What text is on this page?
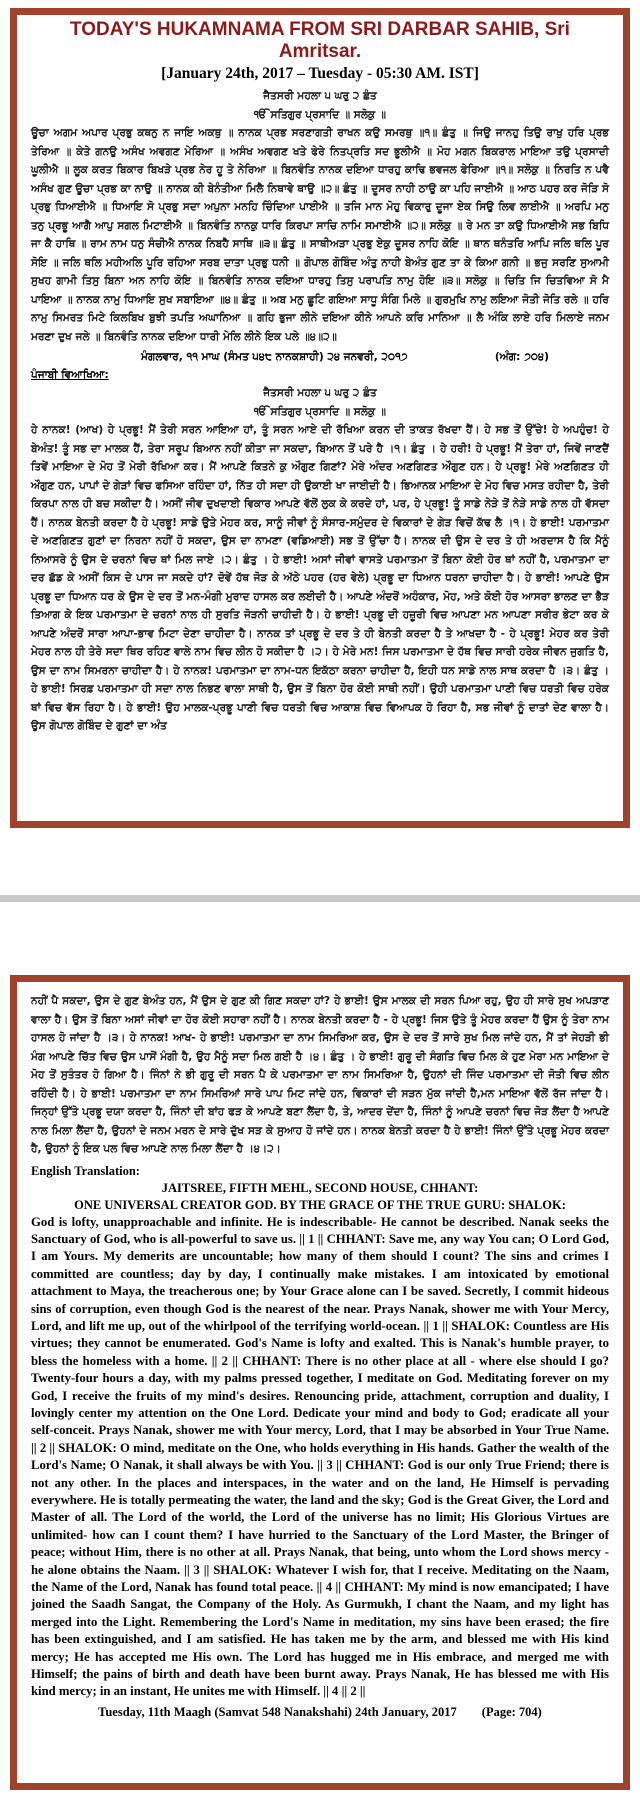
TODAY'S HUKAMNAMA FROM SRI DARBAR SAHIB, Sri Amritsar.
[January 24th, 2017 – Tuesday - 05:30 AM. IST]

ਜੈਤਸਰੀ ਮਹਲਾ ੫ ਘਰੁ ੨ ਛੰਤ

ੴ ਸਤਿਗੁਰ ਪ੍ਰਸਾਦਿ ॥ ਸਲੋਕੁ ॥

ਊਚਾ ਅਗਮ ਅਪਾਰ ਪ੍ਰਭੁ ਕਥਨੁ ਨ ਜਾਇ ਅਕਥੁ ॥ ਨਾਨਕ ਪ੍ਰਭ ਸਰਣਾਗਤੀ ਰਾਖਨ ਕਉ ਸਮਰਥੁ ॥੧॥ ਛੰਤੁ ॥ ਜਿਉ ਜਾਨਹੁ ਤਿਉ ਰਾਖੁ ਹਰਿ ਪ੍ਰਭ ਤੇਰਿਆ ॥ ਕੇਤੇ ਗਨਉ ਅਸੰਖ ਅਵਗਣ ਮੇਰਿਆ ॥ ਅਸੰਖ ਅਵਗਣ ਖਤੇ ਫੇਰੇ ਨਿਤਪ੍ਰਤਿ ਸਦ ਭੂਲੀਐ ॥ ਮੋਹ ਮਗਨ ਬਿਕਰਾਲ ਮਾਇਆ ਤਉ ਪ੍ਰਸਾਦੀ ਘੂਲੀਐ ॥ ਲੂਕ ਕਰਤ ਬਿਕਾਰ ਬਿਖੜੇ ਪ੍ਰਭ ਨੇਰ ਹੂ ਤੇ ਨੇਰਿਆ ॥ ਬਿਨਵੰਤਿ ਨਾਨਕ ਦਇਆ ਧਾਰਹੁ ਕਾਢਿ ਭਵਜਲ ਫੇਰਿਆ ॥੧॥ ਸਲੋਕੁ ॥ ਨਿਰਤਿ ਨ ਪਵੈ ਅਸੰਖ ਗੁਣ ਊਚਾ ਪ੍ਰਭ ਕਾ ਨਾਉ ॥ ਨਾਨਕ ਕੀ ਬੇਨੰਤੀਆ ਮਿਲੈ ਨਿਥਾਵੇ ਥਾਉ ॥੨॥ ਛੰਤੁ ॥ ਦੂਸਰ ਨਾਹੀ ਠਾਉ ਕਾ ਪਹਿ ਜਾਈਐ ॥ ਆਠ ਪਹਰ ਕਰ ਜੋੜਿ ਸੋ ਪ੍ਰਭੁ ਧਿਆਈਐ ॥ ਧਿਆਇ ਸੋ ਪ੍ਰਭੁ ਸਦਾ ਅਪੁਨਾ ਮਨਹਿ ਚਿੰਦਿਆ ਪਾਈਐ ॥ ਤਜਿ ਮਾਨ ਮੋਹੁ ਵਿਕਾਰੁ ਦੂਜਾ ਏਕ ਸਿਉ ਲਿਵ ਲਾਈਐ ॥ ਅਰਪਿ ਮਨੁ ਤਨੁ ਪ੍ਰਭੂ ਆਗੈ ਆਪੁ ਸਗਲ ਮਿਟਾਈਐ ॥ ਬਿਨਵੰਤਿ ਨਾਨਕੁ ਧਾਰਿ ਕਿਰਪਾ ਸਾਚਿ ਨਾਮਿ ਸਮਾਈਐ ॥੨॥ ਸਲੋਕੁ ॥ ਰੇ ਮਨ ਤਾ ਕਉ ਧਿਆਈਐ ਸਭ ਬਿਧਿ ਜਾ ਕੈ ਹਾਥਿ ॥ ਰਾਮ ਨਾਮ ਧਨੁ ਸੰਚੀਐ ਨਾਨਕ ਨਿਬਹੈ ਸਾਥਿ ॥੩॥ ਛੰਤੁ ॥ ਸਾਥੀਅੜਾ ਪ੍ਰਭੁ ਏਕੁ ਦੂਸਰ ਨਾਹਿ ਕੋਇ ॥ ਥਾਨ ਥਨੰਤਰਿ ਆਪਿ ਜਲਿ ਥਲਿ ਪੂਰ ਸੋਇ ॥ ਜਲਿ ਥਲਿ ਮਹੀਅਲਿ ਪੂਰਿ ਰਹਿਆ ਸਰਬ ਦਾਤਾ ਪ੍ਰਭੁ ਧਨੀ ॥ ਗੋਪਾਲ ਗੋਬਿੰਦ ਅੰਤੁ ਨਾਹੀ ਬੇਅੰਤ ਗੁਣ ਤਾ ਕੇ ਕਿਆ ਗਨੀ ॥ ਭਜੁ ਸਰਣਿ ਸੁਆਮੀ ਸੁਖਹ ਗਾਮੀ ਤਿਸੁ ਬਿਨਾ ਅਨ ਨਾਹਿ ਕੋਇ ॥ ਬਿਨਵੰਤਿ ਨਾਨਕ ਦਇਆ ਧਾਰਹੁ ਤਿਸੁ ਪਰਾਪਤਿ ਨਾਮੁ ਹੋਇ ॥੩॥ ਸਲੋਕੁ ॥ ਚਿਤਿ ਜਿ ਚਿਤਵਿਆ ਸੋ ਮੈ ਪਾਇਆ ॥ ਨਾਨਕ ਨਾਮੁ ਧਿਆਇ ਸੁਖ ਸਬਾਇਆ ॥੪॥ ਛੰਤੁ ॥ ਅਬ ਮਨੁ ਛੂਟਿ ਗਇਆ ਸਾਧੂ ਸੰਗਿ ਮਿਲੇ ॥ ਗੁਰਮੁਖਿ ਨਾਮੁ ਲਇਆ ਜੋਤੀ ਜੋਤਿ ਰਲੇ ॥ ਹਰਿ ਨਾਮੁ ਸਿਮਰਤ ਮਿਟੇ ਕਿਲਬਿਖ ਬੁਝੀ ਤਪਤਿ ਅਘਾਨਿਆ ॥ ਗਹਿ ਭੁਜਾ ਲੀਨੇ ਦਇਆ ਕੀਨੇ ਆਪਨੇ ਕਰਿ ਮਾਨਿਆ ॥ ਲੈ ਅੰਕਿ ਲਾਏ ਹਰਿ ਮਿਲਾਏ ਜਨਮ ਮਰਣਾ ਦੁਖ ਜਲੇ ॥ ਬਿਨਵੰਤਿ ਨਾਨਕ ਦਇਆ ਧਾਰੀ ਮੇਲਿ ਲੀਨੇ ਇਕ ਪਲੇ ॥੪॥੨॥

ਮੰਗਲਵਾਰ, ੧੧ ਮਾਘ (ਸੰਮਤ ੫੪੮ ਨਾਨਕਸ਼ਾਹੀ) ੨੪ ਜਨਵਰੀ, ੨੦੧੭	(ਅੰਗ: ੭੦੪)

ਪੰਜਾਬੀ ਵਿਆਖਿਆ:

ਜੈਤਸਰੀ ਮਹਲਾ ੫ ਘਰੁ ੨ ਛੰਤ

ੴ ਸਤਿਗੁਰ ਪ੍ਰਸਾਦਿ ॥ ਸਲੋਕੁ ॥

ਹੇ ਨਾਨਕ! (ਆਖ) ਹੇ ਪ੍ਰਭੂ! ਮੈਂ ਤੇਰੀ ਸਰਨ ਆਇਆ ਹਾਂ, ਤੂੰ ਸਰਨ ਆਏ ਦੀ ਰੱਖਿਆ ਕਰਨ ਦੀ ਤਾਕਤ ਰੱਖਦਾ ਹੈਂ। ਹੇ ਸਭ ਤੋਂ ਉੱਚੇ! ਹੇ ਅਪਹੁੰਚ! ਹੇ ਬੇਅੰਤ! ਤੂੰ ਸਭ ਦਾ ਮਾਲਕ ਹੈਂ, ਤੇਰਾ ਸਰੂਪ ਬਿਆਨ ਨਹੀਂ ਕੀਤਾ ਜਾ ਸਕਦਾ, ਬਿਆਨ ਤੋਂ ਪਰੇ ਹੈ ।੧। ਛੰਤੁ । ਹੇ ਹਰੀ! ਹੇ ਪ੍ਰਭੂ! ਮੈਂ ਤੇਰਾ ਹਾਂ, ਜਿਵੇਂ ਜਾਣਦੈਂ ਤਿਵੇਂ ਮਾਇਆ ਦੇ ਮੋਹ ਤੋਂ ਮੇਰੀ ਰੱਖਿਆ ਕਰ। ਮੈਂ ਆਪਣੇ ਕਿਤਨੇ ਕੁ ਔਗੁਣ ਗਿਣਾਂ? ਮੇਰੇ ਅੰਦਰ ਅਣਗਿਣਤ ਔਗੁਣ ਹਨ। ਹੇ ਪ੍ਰਭੂ! ਮੇਰੇ ਅਣਗਿਣਤ ਹੀ ਔਗੁਣ ਹਨ, ਪਾਪਾਂ ਦੇ ਗੇੜਾਂ ਵਿਚ ਫਸਿਆ ਰਹਿੰਦਾ ਹਾਂ, ਨਿੱਤ ਹੀ ਸਦਾ ਹੀ ਉਕਾਈ ਖਾ ਜਾਈਦੀ ਹੈ। ਭਿਆਨਕ ਮਾਇਆ ਦੇ ਮੋਹ ਵਿਚ ਮਸਤ ਰਹੀਦਾ ਹੈ, ਤੇਰੀ ਕਿਰਪਾ ਨਾਲ ਹੀ ਬਚ ਸਕੀਦਾ ਹੈ। ਅਸੀਂ ਜੀਵ ਦੁਖਦਾਈ ਵਿਕਾਰ ਆਪਣੇ ਵੱਲੋਂ ਲੁਕ ਕੇ ਕਰਦੇ ਹਾਂ, ਪਰ, ਹੇ ਪ੍ਰਭੂ! ਤੂੰ ਸਾਡੇ ਨੇੜੇ ਤੋਂ ਨੇੜੇ ਸਾਡੇ ਨਾਲ ਹੀ ਵੱਸਦਾ ਹੈਂ। ਨਾਨਕ ਬੇਨਤੀ ਕਰਦਾ ਹੈ ਹੇ ਪ੍ਰਭੂ! ਸਾਡੇ ਉਤੇ ਮੇਹਰ ਕਰ, ਸਾਨੂੰ ਜੀਵਾਂ ਨੂੰ ਸੰਸਾਰ-ਸਮੁੰਦਰ ਦੇ ਵਿਕਾਰਾਂ ਦੇ ਗੇੜ ਵਿਚੋਂ ਕੱਢ ਲੈ ।੧। ਹੇ ਭਾਈ! ਪਰਮਾਤਮਾ ਦੇ ਅਣਗਿਣਤ ਗੁਣਾਂ ਦਾ ਨਿਰਨਾ ਨਹੀਂ ਹੋ ਸਕਦਾ, ਉਸ ਦਾ ਨਾਮਣਾ (ਵਡਿਆਈ) ਸਭ ਤੋਂ ਉੱਚਾ ਹੈ। ਨਾਨਕ ਦੀ ਉਸ ਦੇ ਦਰ ਤੇ ਹੀ ਅਰਦਾਸ ਹੈ ਕਿ ਮੈਨੂੰ ਨਿਆਸਰੇ ਨੂੰ ਉਸ ਦੇ ਚਰਨਾਂ ਵਿਚ ਥਾਂ ਮਿਲ ਜਾਏ ।੨। ਛੰਤੁ । ਹੇ ਭਾਈ! ਅਸਾਂ ਜੀਵਾਂ ਵਾਸਤੇ ਪਰਮਾਤਮਾ ਤੋਂ ਬਿਨਾ ਕੋਈ ਹੋਰ ਥਾਂ ਨਹੀਂ ਹੈ, ਪਰਮਾਤਮਾ ਦਾ ਦਰ ਛੱਡ ਕੇ ਅਸੀਂ ਕਿਸ ਦੇ ਪਾਸ ਜਾ ਸਕਦੇ ਹਾਂ? ਦੋਵੇਂ ਹੱਥ ਜੋੜ ਕੇ ਅੱਠੇ ਪਹਰ (ਹਰ ਵੇਲੇ) ਪ੍ਰਭੂ ਦਾ ਧਿਆਨ ਧਰਨਾ ਚਾਹੀਦਾ ਹੈ। ਹੇ ਭਾਈ! ਆਪਣੇ ਉਸ ਪ੍ਰਭੂ ਦਾ ਧਿਆਨ ਧਰ ਕੇ ਉਸ ਦੇ ਦਰ ਤੋਂ ਮਨ-ਮੰਗੀ ਮੁਰਾਦ ਹਾਸਲ ਕਰ ਲਈਦੀ ਹੈ। ਆਪਣੇ ਅੰਦਰੋਂ ਅਹੰਕਾਰ, ਮੋਹ, ਅਤੇ ਕੋਈ ਹੋਰ ਆਸਰਾ ਭਾਲਣ ਦਾ ਭੈੜ ਤਿਆਗ ਕੇ ਇਕ ਪਰਮਾਤਮਾ ਦੇ ਚਰਨਾਂ ਨਾਲ ਹੀ ਸੁਰਤਿ ਜੋੜਨੀ ਚਾਹੀਦੀ ਹੈ। ਹੇ ਭਾਈ! ਪ੍ਰਭੂ ਦੀ ਹਜ਼ੂਰੀ ਵਿਚ ਆਪਣਾ ਮਨ ਆਪਣਾ ਸਰੀਰ ਭੇਟਾ ਕਰ ਕੇ ਆਪਣੇ ਅੰਦਰੋਂ ਸਾਰਾ ਆਪਾ-ਭਾਵ ਮਿਟਾ ਦੇਣਾ ਚਾਹੀਦਾ ਹੈ। ਨਾਨਕ ਤਾਂ ਪ੍ਰਭੂ ਦੇ ਦਰ ਤੇ ਹੀ ਬੇਨਤੀ ਕਰਦਾ ਹੈ ਤੇ ਆਖਦਾ ਹੈ - ਹੇ ਪ੍ਰਭੂ! ਮੇਹਰ ਕਰ ਤੇਰੀ ਮੇਹਰ ਨਾਲ ਹੀ ਤੇਰੇ ਸਦਾ ਥਿਰ ਰਹਿਣ ਵਾਲੇ ਨਾਮ ਵਿਚ ਲੀਨ ਹੋ ਸਕੀਦਾ ਹੈ ।੨। ਹੇ ਮੇਰੇ ਮਨ! ਜਿਸ ਪਰਮਾਤਮਾ ਦੇ ਹੱਥ ਵਿਚ ਸਾਰੀ ਹਰੇਕ ਜੀਵਨ ਜੁਗਤਿ ਹੈ, ਉਸ ਦਾ ਨਾਮ ਸਿਮਰਨਾ ਚਾਹੀਦਾ ਹੈ। ਹੇ ਨਾਨਕ! ਪਰਮਾਤਮਾ ਦਾ ਨਾਮ-ਧਨ ਇਕੱਠਾ ਕਰਨਾ ਚਾਹੀਦਾ ਹੈ, ਇਹੀ ਧਨ ਸਾਡੇ ਨਾਲ ਸਾਥ ਕਰਦਾ ਹੈ ।੩। ਛੰਤੁ । ਹੇ ਭਾਈ! ਸਿਰਫ਼ ਪਰਮਾਤਮਾ ਹੀ ਸਦਾ ਨਾਲ ਨਿਭਣ ਵਾਲਾ ਸਾਥੀ ਹੈ, ਉਸ ਤੋਂ ਬਿਨਾ ਹੋਰ ਕੋਈ ਸਾਥੀ ਨਹੀਂ। ਉਹੀ ਪਰਮਾਤਮਾ ਪਾਣੀ ਵਿਚ ਧਰਤੀ ਵਿਚ ਹਰੇਕ ਥਾਂ ਵਿਚ ਵੱਸ ਰਿਹਾ ਹੈ। ਹੇ ਭਾਈ! ਉਹ ਮਾਲਕ-ਪ੍ਰਭੂ ਪਾਣੀ ਵਿਚ ਧਰਤੀ ਵਿਚ ਆਕਾਸ਼ ਵਿਚ ਵਿਆਪਕ ਹੋ ਰਿਹਾ ਹੈ, ਸਭ ਜੀਵਾਂ ਨੂੰ ਦਾਤਾਂ ਦੇਣ ਵਾਲਾ ਹੈ। ਉਸ ਗੋਪਾਲ ਗੋਬਿੰਦ ਦੇ ਗੁਣਾਂ ਦਾ ਅੰਤ

ਨਹੀਂ ਪੈ ਸਕਦਾ, ਉਸ ਦੇ ਗੁਣ ਬੇਅੰਤ ਹਨ, ਮੈਂ ਉਸ ਦੇ ਗੁਣ ਕੀ ਗਿਣ ਸਕਦਾ ਹਾਂ? ਹੇ ਭਾਈ! ਉਸ ਮਾਲਕ ਦੀ ਸਰਨ ਪਿਆ ਰਹੁ, ਉਹ ਹੀ ਸਾਰੇ ਸੁਖ ਅਪੜਾਣ ਵਾਲਾ ਹੈ। ਉਸ ਤੋਂ ਬਿਨਾ ਅਸਾਂ ਜੀਵਾਂ ਦਾ ਹੋਰ ਕੋਈ ਸਹਾਰਾ ਨਹੀਂ ਹੈ। ਨਾਨਕ ਬੇਨਤੀ ਕਰਦਾ ਹੈ - ਹੇ ਪ੍ਰਭੂ! ਜਿਸ ਉਤੇ ਤੂੰ ਮੇਹਰ ਕਰਦਾ ਹੈਂ ਉਸ ਨੂੰ ਤੇਰਾ ਨਾਮ ਹਾਸਲ ਹੋ ਜਾਂਦਾ ਹੈ ।੩। ਹੇ ਨਾਨਕ! ਆਖ- ਹੇ ਭਾਈ! ਪਰਮਾਤਮਾ ਦਾ ਨਾਮ ਸਿਮਰਿਆ ਕਰ, ਉਸ ਦੇ ਦਰ ਤੋਂ ਸਾਰੇ ਸੁਖ ਮਿਲ ਜਾਂਦੇ ਹਨ, ਮੈਂ ਤਾਂ ਜੇਹੜੀ ਭੀ ਮੰਗ ਆਪਣੇ ਚਿੱਤ ਵਿਚ ਉਸ ਪਾਸੋਂ ਮੰਗੀ ਹੈ, ਉਹ ਮੈਨੂੰ ਸਦਾ ਮਿਲ ਗਈ ਹੈ ।੪। ਛੰਤੁ । ਹੇ ਭਾਈ! ਗੁਰੂ ਦੀ ਸੰਗਤਿ ਵਿਚ ਮਿਲ ਕੇ ਹੁਣ ਮੇਰਾ ਮਨ ਮਾਇਆ ਦੇ ਮੋਹ ਤੋਂ ਸੁਤੰਤਰ ਹੋ ਗਿਆ ਹੈ। ਜਿੰਨਾਂ ਨੇ ਭੀ ਗੁਰੂ ਦੀ ਸਰਨ ਪੈ ਕੇ ਪਰਮਾਤਮਾ ਦਾ ਨਾਮ ਸਿਮਰਿਆ ਹੈ, ਉਹਨਾਂ ਦੀ ਜਿੰਦ ਪਰਮਾਤਮਾ ਦੀ ਜੋਤੀ ਵਿਚ ਲੀਨ ਰਹਿੰਦੀ ਹੈ। ਹੇ ਭਾਈ! ਪਰਮਾਤਮਾ ਦਾ ਨਾਮ ਸਿਮਰਿਆਂ ਸਾਰੇ ਪਾਪ ਮਿਟ ਜਾਂਦੇ ਹਨ, ਵਿਕਾਰਾਂ ਦੀ ਸੜਨ ਮੁੱਕ ਜਾਂਦੀ ਹੈ,ਮਨ ਮਾਇਆ ਵੱਲੋਂ ਰੱਜ ਜਾਂਦਾ ਹੈ। ਜਿਨ੍ਹਾਂ ਉੱਤੇ ਪ੍ਰਭੂ ਦਯਾ ਕਰਦਾ ਹੈ, ਜਿੰਨਾਂ ਦੀ ਬਾਂਹ ਫੜ ਕੇ ਆਪਣੇ ਬਣਾ ਲੈਂਦਾ ਹੈ, ਤੇ, ਆਦਰ ਦੇਂਦਾ ਹੈ, ਜਿੰਨਾਂ ਨੂੰ ਆਪਣੇ ਚਰਨਾਂ ਵਿਚ ਜੋੜ ਲੈਂਦਾ ਹੈ ਆਪਣੇ ਨਾਲ ਮਿਲਾ ਲੈਂਦਾ ਹੈ, ਉਹਨਾਂ ਦੇ ਜਨਮ ਮਰਨ ਦੇ ਸਾਰੇ ਦੁੱਖ ਸੜ ਕੇ ਸੁਆਹ ਹੋ ਜਾਂਦੇ ਹਨ। ਨਾਨਕ ਬੇਨਤੀ ਕਰਦਾ ਹੈ ਹੇ ਭਾਈ! ਜਿੰਨਾਂ ਉੱਤੇ ਪ੍ਰਭੂ ਮੇਹਰ ਕਰਦਾ ਹੈ, ਉਹਨਾਂ ਨੂੰ ਇਕ ਪਲ ਵਿਚ ਆਪਣੇ ਨਾਲ ਮਿਲਾ ਲੈਂਦਾ ਹੈ ।੪।੨।

English Translation:

JAITSREE, FIFTH MEHL, SECOND HOUSE, CHHANT:

ONE UNIVERSAL CREATOR GOD. BY THE GRACE OF THE TRUE GURU: SHALOK:

God is lofty, unapproachable and infinite. He is indescribable- He cannot be described. Nanak seeks the Sanctuary of God, who is all-powerful to save us. || 1 || CHHANT: Save me, any way You can; O Lord God, I am Yours. My demerits are uncountable; how many of them should I count? The sins and crimes I committed are countless; day by day, I continually make mistakes. I am intoxicated by emotional attachment to Maya, the treacherous one; by Your Grace alone can I be saved. Secretly, I commit hideous sins of corruption, even though God is the nearest of the near. Prays Nanak, shower me with Your Mercy, Lord, and lift me up, out of the whirlpool of the terrifying world-ocean. || 1 || SHALOK: Countless are His virtues; they cannot be enumerated. God's Name is lofty and exalted. This is Nanak's humble prayer, to bless the homeless with a home. || 2 || CHHANT: There is no other place at all - where else should I go? Twenty-four hours a day, with my palms pressed together, I meditate on God. Meditating forever on my God, I receive the fruits of my mind's desires. Renouncing pride, attachment, corruption and duality, I lovingly center my attention on the One Lord. Dedicate your mind and body to God; eradicate all your self-conceit. Prays Nanak, shower me with Your mercy, Lord, that I may be absorbed in Your True Name. || 2 || SHALOK: O mind, meditate on the One, who holds everything in His hands. Gather the wealth of the Lord's Name; O Nanak, it shall always be with You. || 3 || CHHANT: God is our only True Friend; there is not any other. In the places and interspaces, in the water and on the land, He Himself is pervading everywhere. He is totally permeating the water, the land and the sky; God is the Great Giver, the Lord and Master of all. The Lord of the world, the Lord of the universe has no limit; His Glorious Virtues are unlimited- how can I count them? I have hurried to the Sanctuary of the Lord Master, the Bringer of peace; without Him, there is no other at all. Prays Nanak, that being, unto whom the Lord shows mercy - he alone obtains the Naam. || 3 || SHALOK: Whatever I wish for, that I receive. Meditating on the Naam, the Name of the Lord, Nanak has found total peace. || 4 || CHHANT: My mind is now emancipated; I have joined the Saadh Sangat, the Company of the Holy. As Gurmukh, I chant the Naam, and my light has merged into the Light. Remembering the Lord's Name in meditation, my sins have been erased; the fire has been extinguished, and I am satisfied. He has taken me by the arm, and blessed me with His kind mercy; He has accepted me His own. The Lord has hugged me in His embrace, and merged me with Himself; the pains of birth and death have been burnt away. Prays Nanak, He has blessed me with His kind mercy; in an instant, He unites me with Himself. || 4 || 2 ||

Tuesday, 11th Maagh (Samvat 548 Nanakshahi) 24th January, 2017 (Page: 704)
